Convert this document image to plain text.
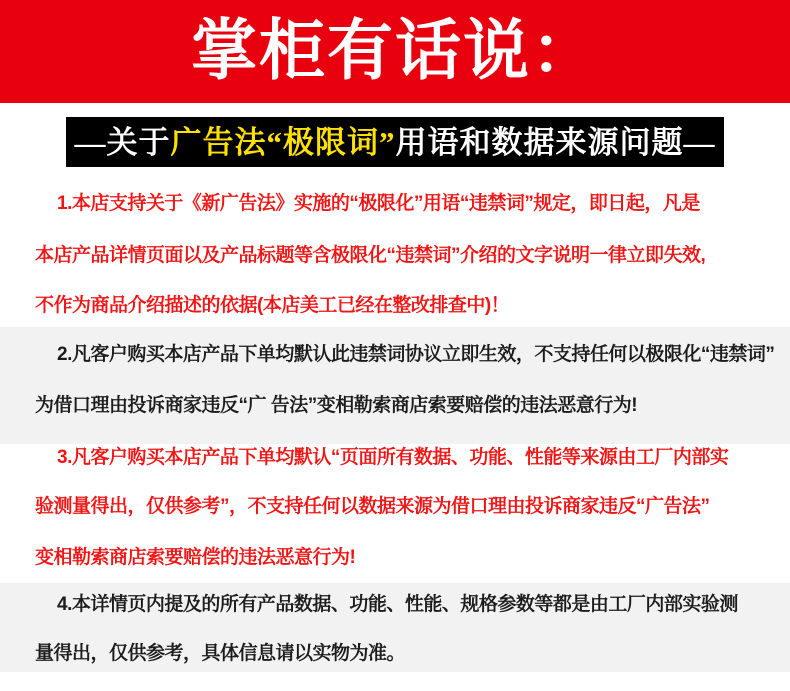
掌柜有话说：
—关于广告法“极限词”用语和数据来源问题—
1.本店支持关于《新广告法》实施的“极限化”用语“违禁词”规定，即日起，凡是
本店产品详情页面以及产品标题等含极限化“违禁词”介绍的文字说明一律立即失效,
不作为商品介绍描述的依据(本店美工已经在整改排查中)！
2.凡客户购买本店产品下单均默认此违禁词协议立即生效，不支持任何以极限化“违禁词”
为借口理由投诉商家违反“广 告法”变相勒索商店索要赔偿的违法恶意行为!
3.凡客户购买本店产品下单均默认“页面所有数据、功能、性能等来源由工厂内部实
验测量得出，仅供参考”，不支持任何以数据来源为借口理由投诉商家违反“广告法”
变相勒索商店索要赔偿的违法恶意行为!
4.本详情页内提及的所有产品数据、功能、性能、规格参数等都是由工厂内部实验测
量得出，仅供参考，具体信息请以实物为准。
